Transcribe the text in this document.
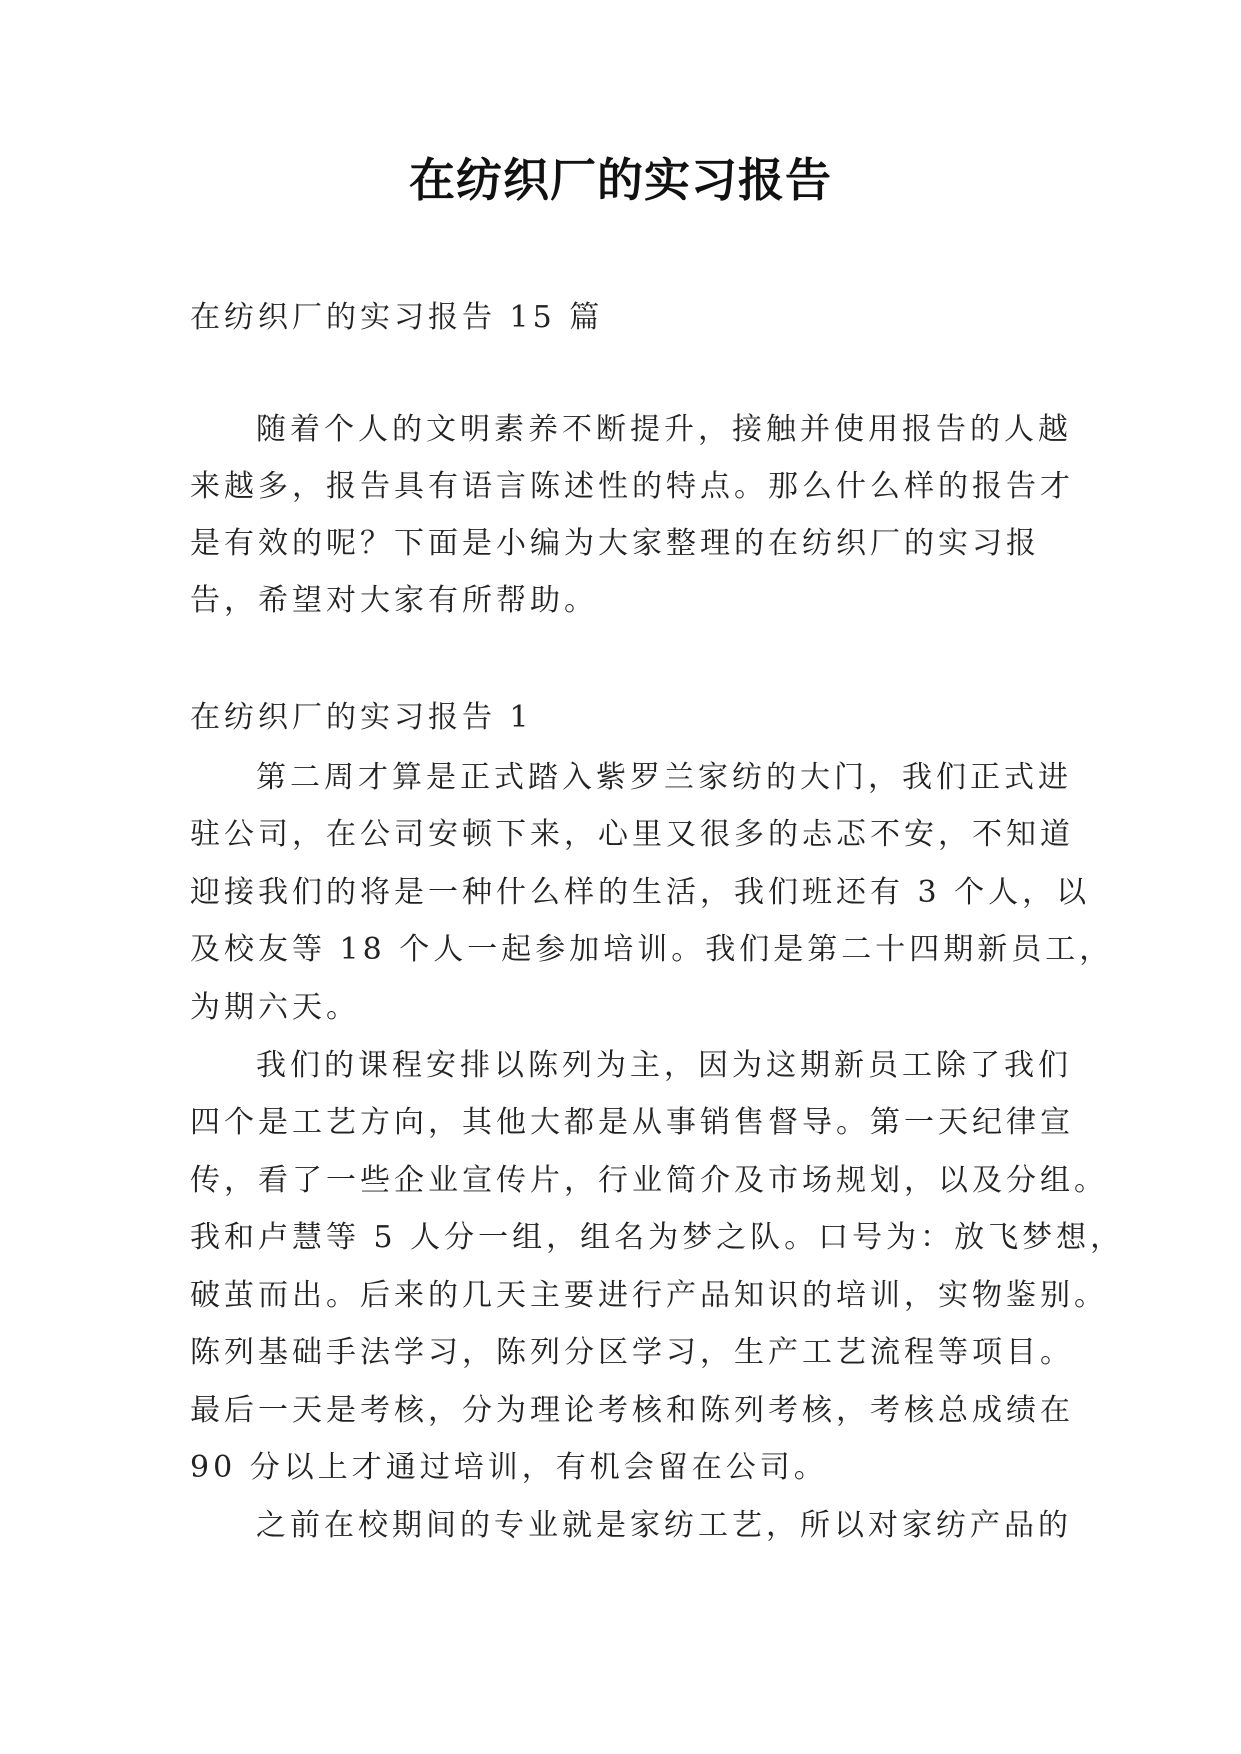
在纺织厂的实习报告
在纺织厂的实习报告 15 篇
随着个人的文明素养不断提升，接触并使用报告的人越
来越多，报告具有语言陈述性的特点。那么什么样的报告才
是有效的呢？下面是小编为大家整理的在纺织厂的实习报
告，希望对大家有所帮助。
在纺织厂的实习报告 1
第二周才算是正式踏入紫罗兰家纺的大门，我们正式进
驻公司，在公司安顿下来，心里又很多的忐忑不安，不知道
迎接我们的将是一种什么样的生活，我们班还有 3 个人，以
及校友等 18 个人一起参加培训。我们是第二十四期新员工，
为期六天。
我们的课程安排以陈列为主，因为这期新员工除了我们
四个是工艺方向，其他大都是从事销售督导。第一天纪律宣
传，看了一些企业宣传片，行业简介及市场规划，以及分组。
我和卢慧等 5 人分一组，组名为梦之队。口号为：放飞梦想，
破茧而出。后来的几天主要进行产品知识的培训，实物鉴别。
陈列基础手法学习，陈列分区学习，生产工艺流程等项目。
最后一天是考核，分为理论考核和陈列考核，考核总成绩在
90 分以上才通过培训，有机会留在公司。
之前在校期间的专业就是家纺工艺，所以对家纺产品的
